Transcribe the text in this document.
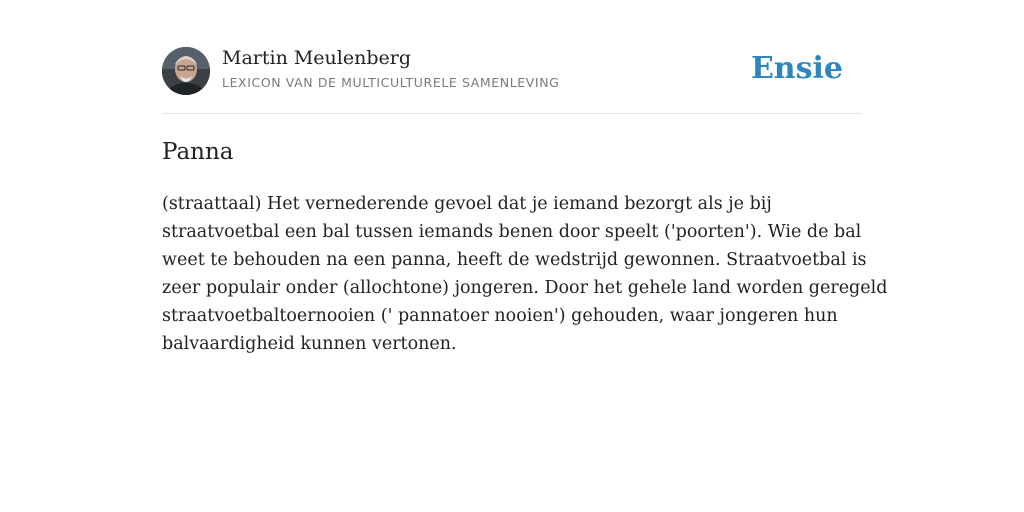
Martin Meulenberg
LEXICON VAN DE MULTICULTURELE SAMENLEVING	Ensie
Panna
(straattaal) Het vernederende gevoel dat je iemand bezorgt als je bij
straatvoetbal een bal tussen iemands benen door speelt ('poorten'). Wie de bal
weet te behouden na een panna, heeft de wedstrijd gewonnen. Straatvoetbal is
zeer populair onder (allochtone) jongeren. Door het gehele land worden geregeld
straatvoetbaltoernooien (' pannatoer nooien') gehouden, waar jongeren hun
balvaardigheid kunnen vertonen.
